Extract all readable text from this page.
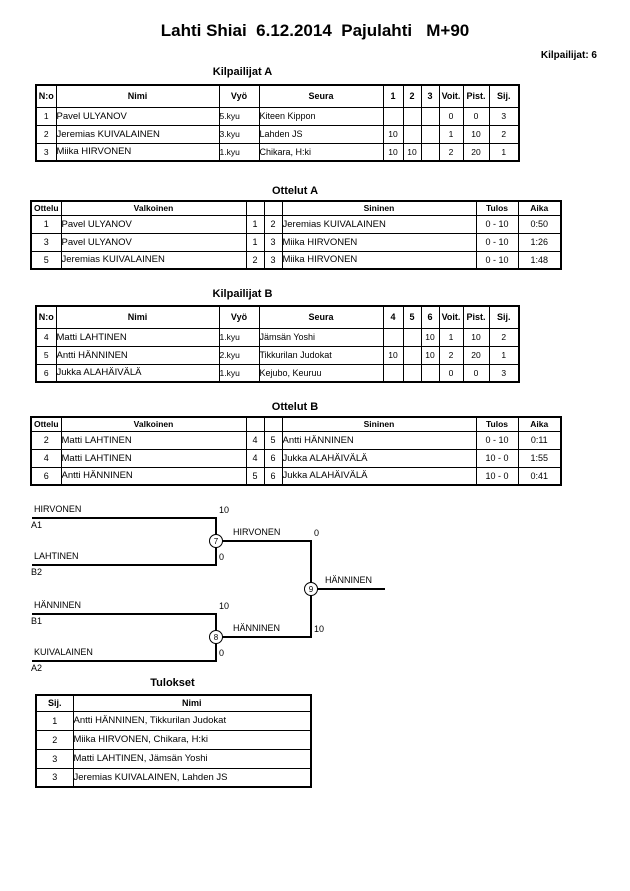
Lahti Shiai  6.12.2014  Pajulahti   M+90
Kilpailijat: 6
Kilpailijat A
N:o	Nimi	Vyö	Seura	1	2	3	Voit.	Pist.	Sij.
1	Pavel ULYANOV	5.kyu	Kiteen Kippon				0	0	3
2	Jeremias KUIVALAINEN	3.kyu	Lahden JS	10			1	10	2
3	Miika HIRVONEN	1.kyu	Chikara, H:ki	10	10		2	20	1
Ottelut A
Ottelu	Valkoinen			Sininen	Tulos	Aika
1	Pavel ULYANOV	1	2	Jeremias KUIVALAINEN	0 - 10	0:50
3	Pavel ULYANOV	1	3	Miika HIRVONEN	0 - 10	1:26
5	Jeremias KUIVALAINEN	2	3	Miika HIRVONEN	0 - 10	1:48
Kilpailijat B
N:o	Nimi	Vyö	Seura	4	5	6	Voit.	Pist.	Sij.
4	Matti LAHTINEN	1.kyu	Jämsän Yoshi			10	1	10	2
5	Antti HÄNNINEN	2.kyu	Tikkurilan Judokat	10		10	2	20	1
6	Jukka ALAHÄIVÄLÄ	1.kyu	Kejubo, Keuruu				0	0	3
Ottelut B
Ottelu	Valkoinen			Sininen	Tulos	Aika
2	Matti LAHTINEN	4	5	Antti HÄNNINEN	0 - 10	0:11
4	Matti LAHTINEN	4	6	Jukka ALAHÄIVÄLÄ	10 - 0	1:55
6	Antti HÄNNINEN	5	6	Jukka ALAHÄIVÄLÄ	10 - 0	0:41
HIRVONEN
A1
10
LAHTINEN
B2
0
HIRVONEN	0
HÄNNINEN
B1
10
KUIVALAINEN
A2
0
HÄNNINEN	10
HÄNNINEN
7
8
9
Tulokset
Sij.	Nimi
1	Antti HÄNNINEN, Tikkurilan Judokat
2	Miika HIRVONEN, Chikara, H:ki
3	Matti LAHTINEN, Jämsän Yoshi
3	Jeremias KUIVALAINEN, Lahden JS
